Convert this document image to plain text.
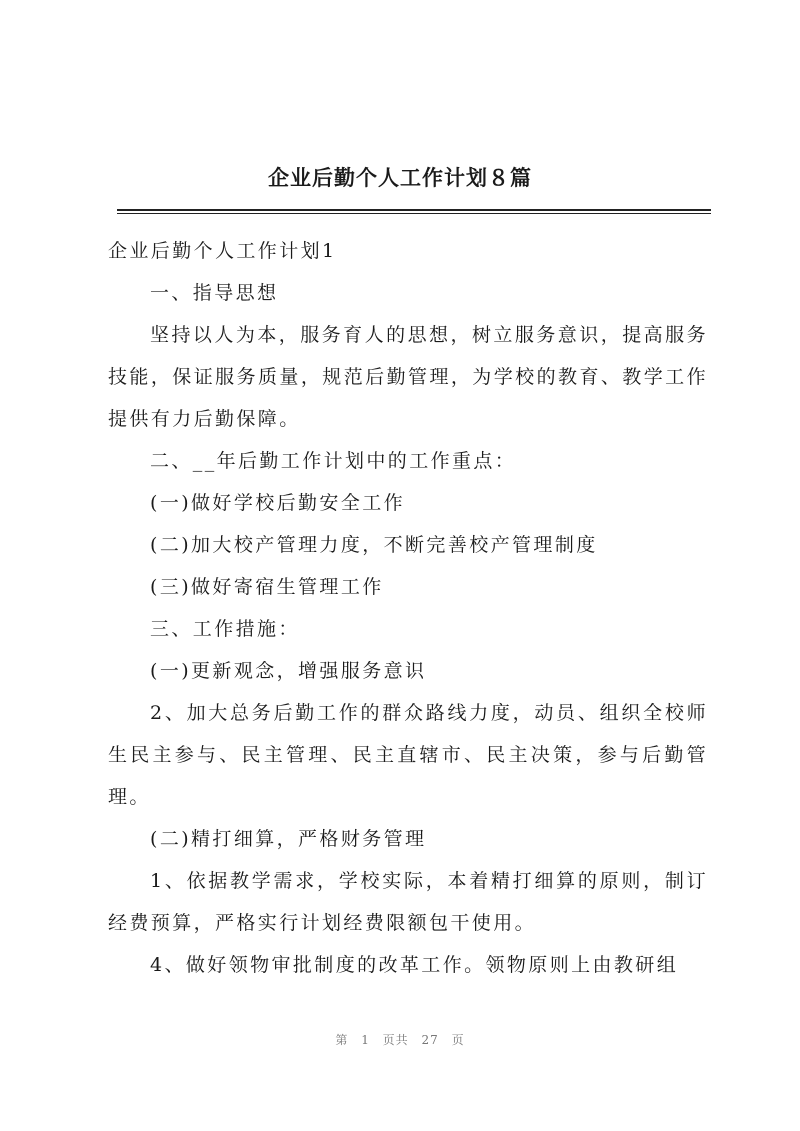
企业后勤个人工作计划８篇

企业后勤个人工作计划1

一、指导思想

坚持以人为本，服务育人的思想，树立服务意识，提高服务技能，保证服务质量，规范后勤管理，为学校的教育、教学工作提供有力后勤保障。

二、__年后勤工作计划中的工作重点：

(一)做好学校后勤安全工作

(二)加大校产管理力度，不断完善校产管理制度

(三)做好寄宿生管理工作

三、工作措施：

(一)更新观念，增强服务意识

2、加大总务后勤工作的群众路线力度，动员、组织全校师生民主参与、民主管理、民主直辖市、民主决策，参与后勤管理。

(二)精打细算，严格财务管理

1、依据教学需求，学校实际，本着精打细算的原则，制订经费预算，严格实行计划经费限额包干使用。

4、做好领物审批制度的改革工作。领物原则上由教研组

第 1 页共 27 页
